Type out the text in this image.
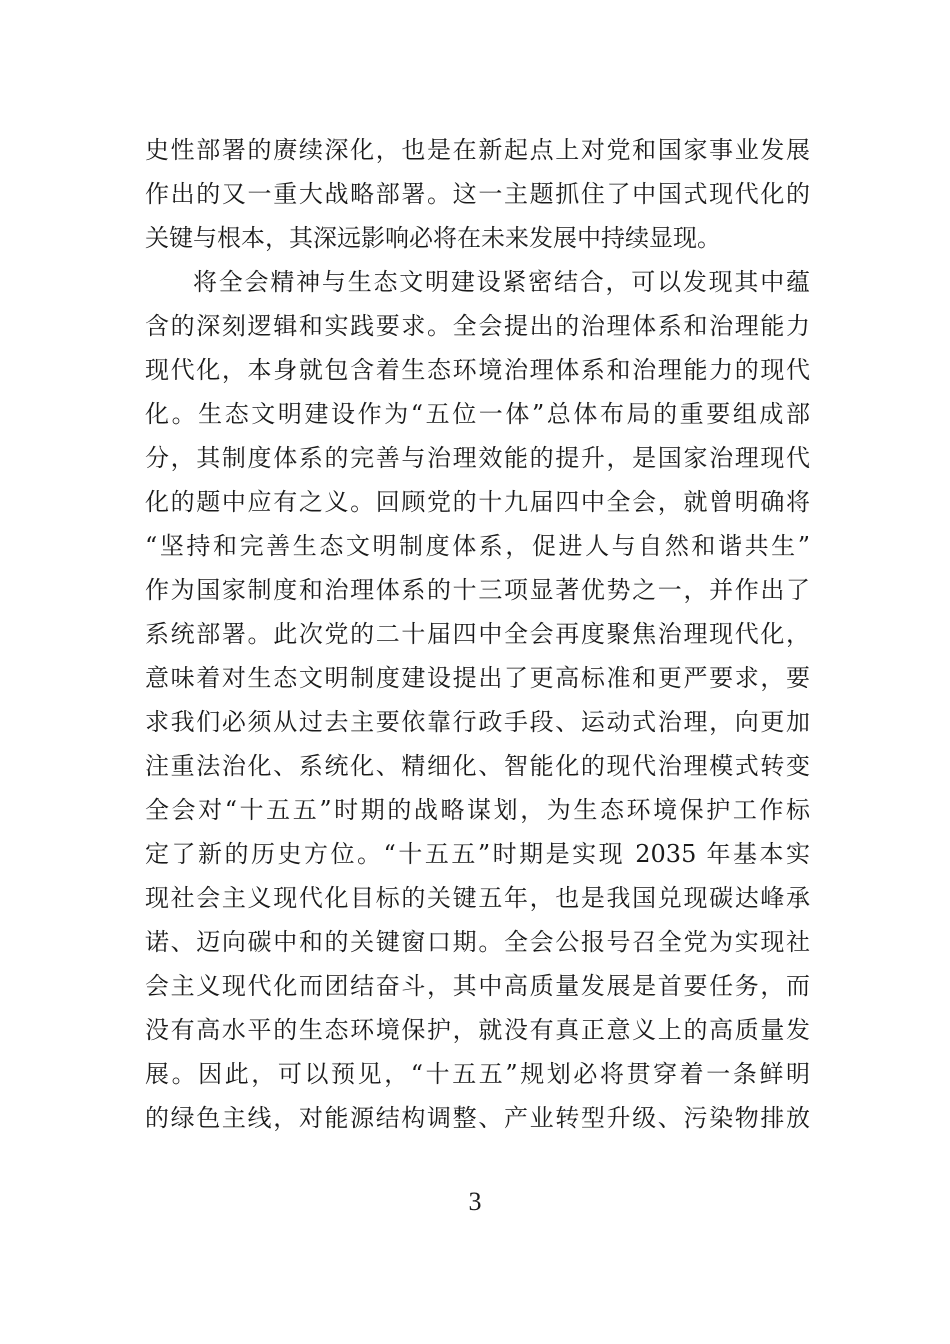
史性部署的赓续深化，也是在新起点上对党和国家事业发展
作出的又一重大战略部署。这一主题抓住了中国式现代化的
关键与根本，其深远影响必将在未来发展中持续显现。
将全会精神与生态文明建设紧密结合，可以发现其中蕴
含的深刻逻辑和实践要求。全会提出的治理体系和治理能力
现代化，本身就包含着生态环境治理体系和治理能力的现代
化。生态文明建设作为“五位一体”总体布局的重要组成部
分，其制度体系的完善与治理效能的提升，是国家治理现代
化的题中应有之义。回顾党的十九届四中全会，就曾明确将
“坚持和完善生态文明制度体系，促进人与自然和谐共生”
作为国家制度和治理体系的十三项显著优势之一，并作出了
系统部署。此次党的二十届四中全会再度聚焦治理现代化，
意味着对生态文明制度建设提出了更高标准和更严要求，要
求我们必须从过去主要依靠行政手段、运动式治理，向更加
注重法治化、系统化、精细化、智能化的现代治理模式转变
全会对“十五五”时期的战略谋划，为生态环境保护工作标
定了新的历史方位。“十五五”时期是实现 2035 年基本实
现社会主义现代化目标的关键五年，也是我国兑现碳达峰承
诺、迈向碳中和的关键窗口期。全会公报号召全党为实现社
会主义现代化而团结奋斗，其中高质量发展是首要任务，而
没有高水平的生态环境保护，就没有真正意义上的高质量发
展。因此，可以预见，“十五五”规划必将贯穿着一条鲜明
的绿色主线，对能源结构调整、产业转型升级、污染物排放
3
